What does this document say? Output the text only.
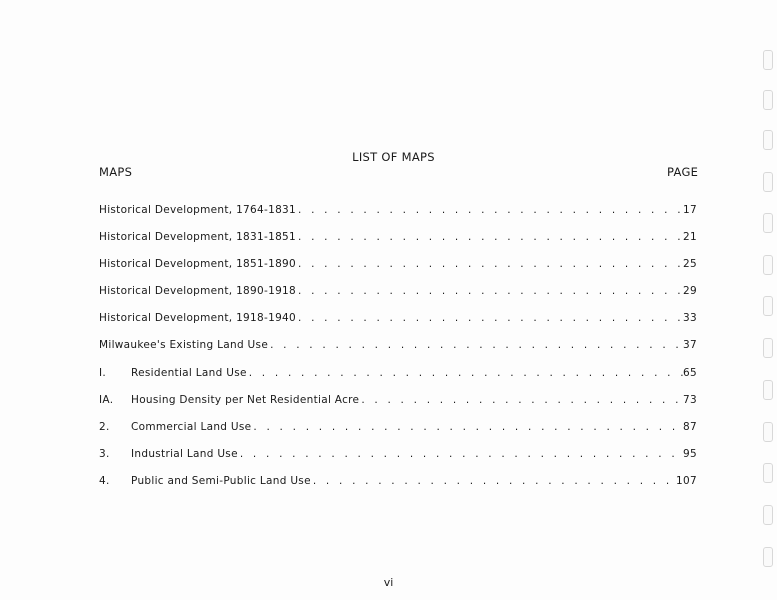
LIST OF MAPS
MAPS	PAGE
Historical Development, 1764-1831 . . .	17
Historical Development, 1831-1851 . . .	21
Historical Development, 1851-1890 . . .	25
Historical Development, 1890-1918 . . .	29
Historical Development, 1918-1940 . . .	33
Milwaukee's Existing Land Use . . .	37
I.	Residential Land Use . . .	65
IA.	Housing Density per Net Residential Acre . . .	73
2.	Commercial Land Use . . .	87
3.	Industrial Land Use . . .	95
4.	Public and Semi-Public Land Use . . .	107
vi
